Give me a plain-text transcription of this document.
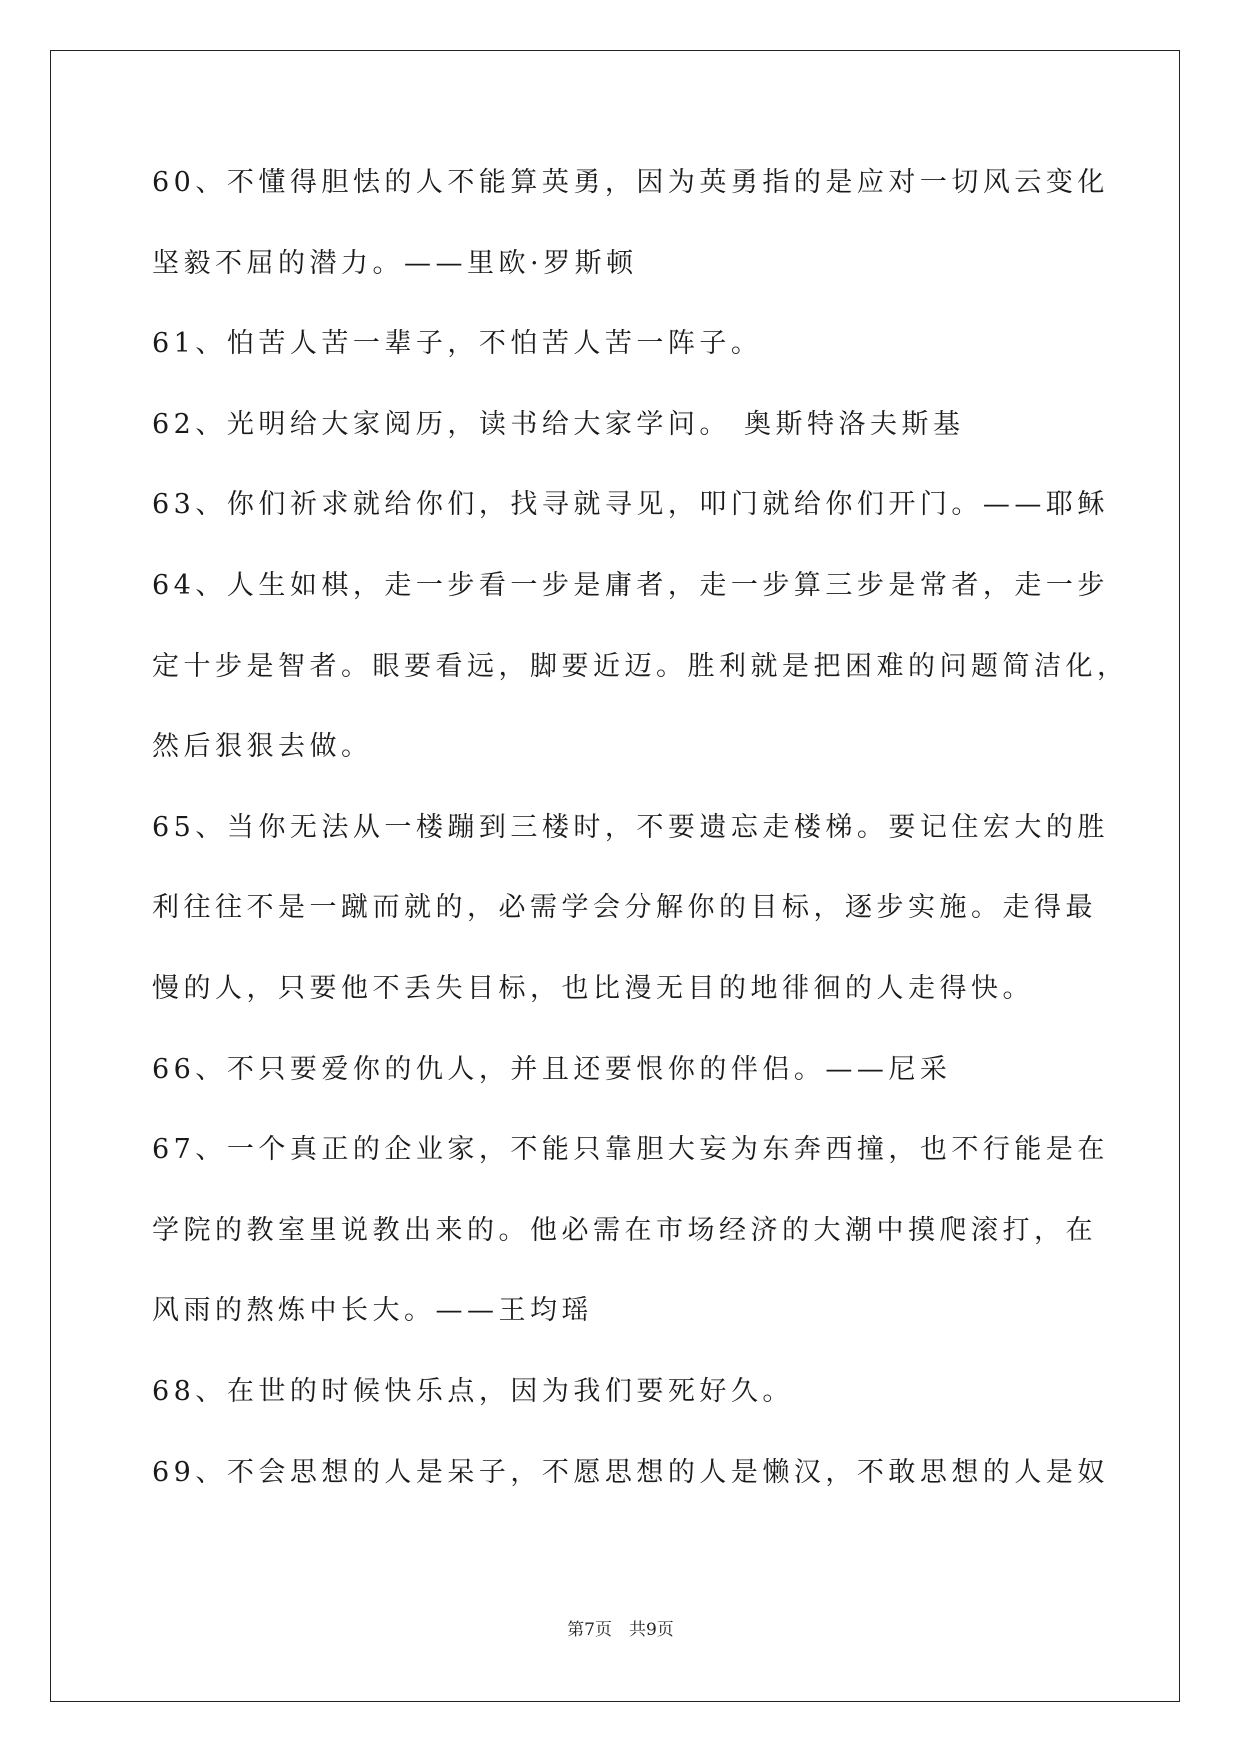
60、不懂得胆怯的人不能算英勇，因为英勇指的是应对一切风云变化
坚毅不屈的潜力。——里欧·罗斯顿
61、怕苦人苦一辈子，不怕苦人苦一阵子。
62、光明给大家阅历，读书给大家学问。 奥斯特洛夫斯基
63、你们祈求就给你们，找寻就寻见，叩门就给你们开门。——耶稣
64、人生如棋，走一步看一步是庸者，走一步算三步是常者，走一步
定十步是智者。眼要看远，脚要近迈。胜利就是把困难的问题简洁化，
然后狠狠去做。
65、当你无法从一楼蹦到三楼时，不要遗忘走楼梯。要记住宏大的胜
利往往不是一蹴而就的，必需学会分解你的目标，逐步实施。走得最
慢的人，只要他不丢失目标，也比漫无目的地徘徊的人走得快。
66、不只要爱你的仇人，并且还要恨你的伴侣。——尼采
67、一个真正的企业家，不能只靠胆大妄为东奔西撞，也不行能是在
学院的教室里说教出来的。他必需在市场经济的大潮中摸爬滚打，在
风雨的熬炼中长大。——王均瑶
68、在世的时候快乐点，因为我们要死好久。
69、不会思想的人是呆子，不愿思想的人是懒汉，不敢思想的人是奴
第7页　共9页
